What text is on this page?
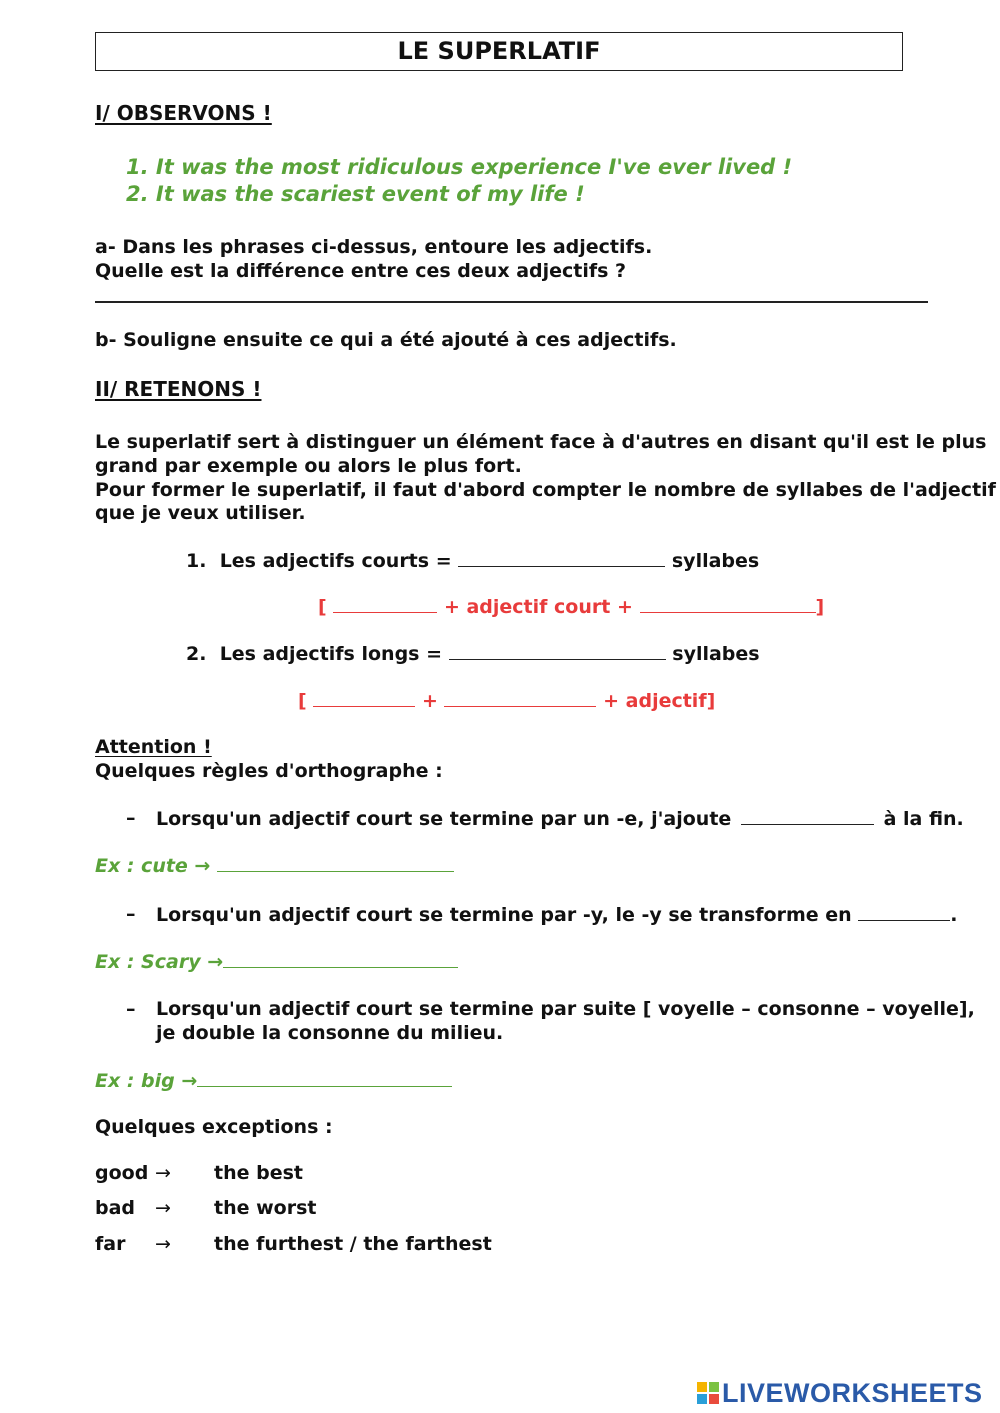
LE SUPERLATIF
I/ OBSERVONS !
1. It was the most ridiculous experience I've ever lived !
2. It was the scariest event of my life !
a- Dans les phrases ci-dessus, entoure les adjectifs.
Quelle est la différence entre ces deux adjectifs ?
b- Souligne ensuite ce qui a été ajouté à ces adjectifs.
II/ RETENONS !
Le superlatif sert à distinguer un élément face à d'autres en disant qu'il est le plus
grand par exemple ou alors le plus fort.
Pour former le superlatif, il faut d'abord compter le nombre de syllabes de l'adjectif
que je veux utiliser.
1. Les adjectifs courts =	syllabes
[	+ adjectif court +	]
2. Les adjectifs longs =	syllabes
[	+	+ adjectif]
Attention !
Quelques règles d'orthographe :
– Lorsqu'un adjectif court se termine par un -e, j'ajoute	à la fin.
Ex : cute →
– Lorsqu'un adjectif court se termine par -y, le -y se transforme en	.
Ex : Scary →
– Lorsqu'un adjectif court se termine par suite [ voyelle – consonne – voyelle],
je double la consonne du milieu.
Ex : big →
Quelques exceptions :
good → the best
bad → the worst
far → the furthest / the farthest
LIVEWORKSHEETS
